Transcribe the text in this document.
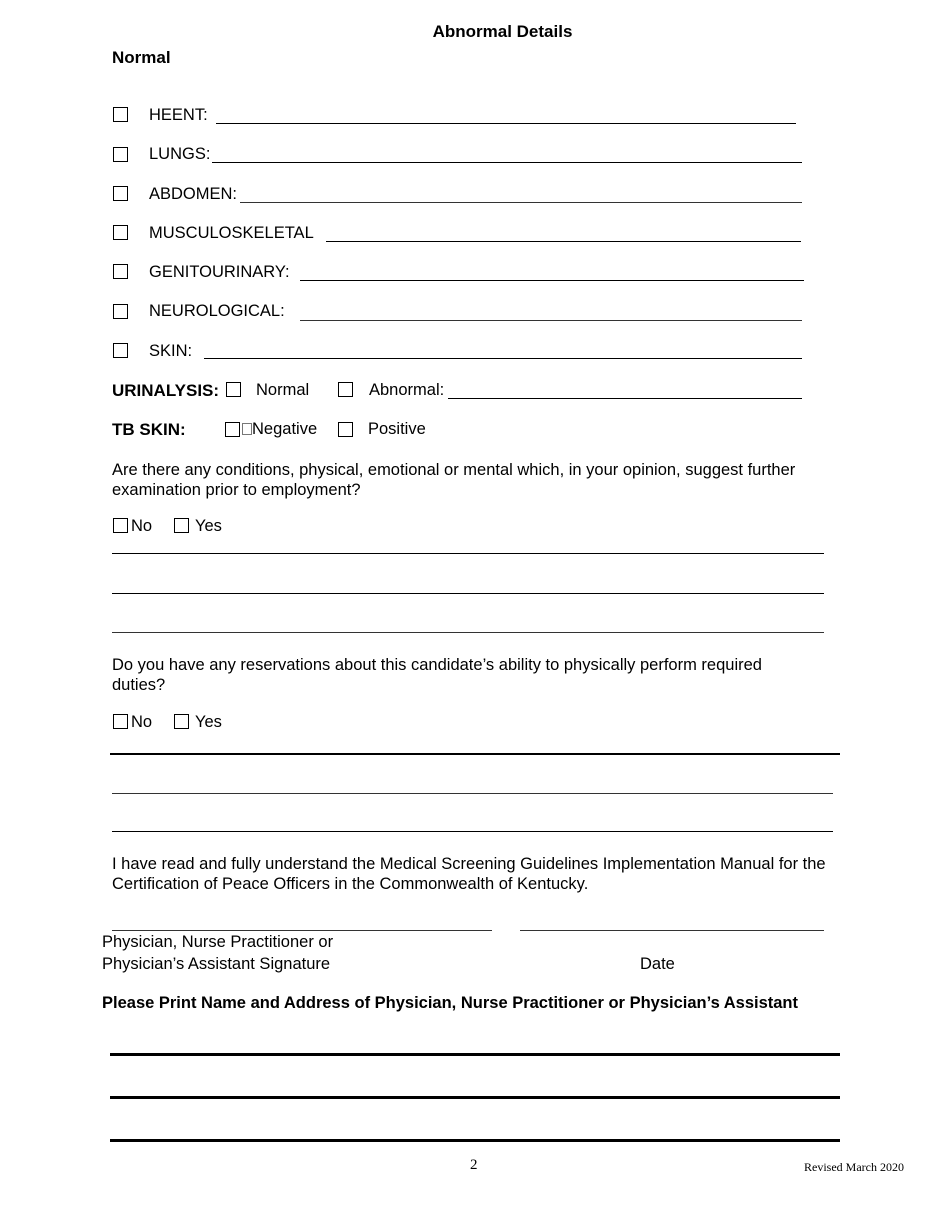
Abnormal Details
Normal
HEENT:
LUNGS:
ABDOMEN:
MUSCULOSKELETAL
GENITOURINARY:
NEUROLOGICAL:
SKIN:
URINALYSIS: Normal	Abnormal:
TB SKIN:	Negative	Positive
Are there any conditions, physical, emotional or mental which, in your opinion, suggest further examination prior to employment?
No	Yes
Do you have any reservations about this candidate’s ability to physically perform required duties?
No	Yes
I have read and fully understand the Medical Screening Guidelines Implementation Manual for the Certification of Peace Officers in the Commonwealth of Kentucky.
Physician, Nurse Practitioner or
Physician’s Assistant Signature	Date
Please Print Name and Address of Physician, Nurse Practitioner or Physician’s Assistant
2	Revised March 2020
